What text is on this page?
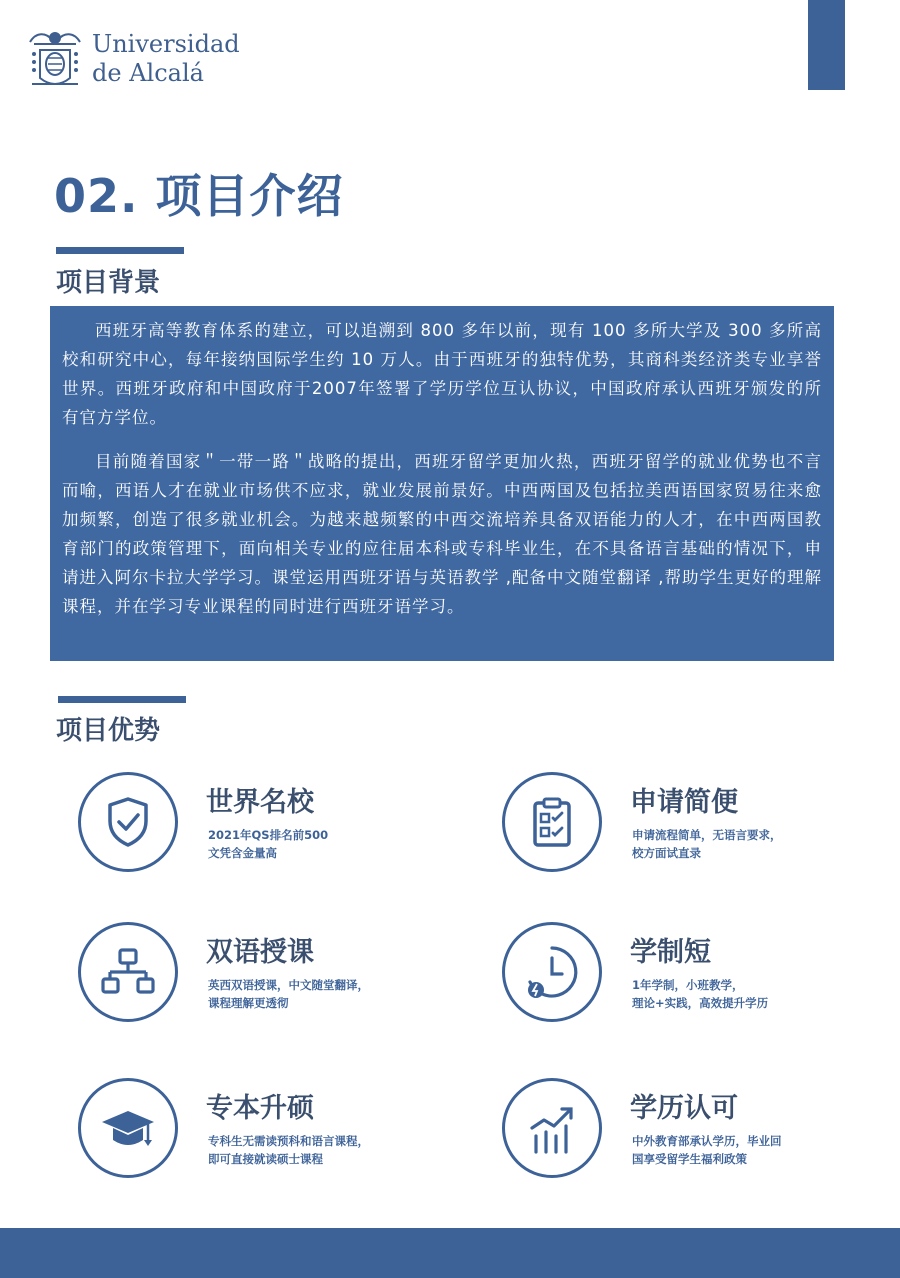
Universidad
de Alcalá
02. 项目介绍
项目背景

西班牙高等教育体系的建立，可以追溯到 800 多年以前，现有 100 多所大学及 300 多所高校和研究中心，每年接纳国际学生约 10 万人。由于西班牙的独特优势，其商科类经济类专业享誉世界。西班牙政府和中国政府于2007年签署了学历学位互认协议，中国政府承认西班牙颁发的所有官方学位。

目前随着国家＂一带一路＂战略的提出，西班牙留学更加火热，西班牙留学的就业优势也不言而喻，西语人才在就业市场供不应求，就业发展前景好。中西两国及包括拉美西语国家贸易往来愈加频繁，创造了很多就业机会。为越来越频繁的中西交流培养具备双语能力的人才，在中西两国教育部门的政策管理下，面向相关专业的应往届本科或专科毕业生，在不具备语言基础的情况下，申请进入阿尔卡拉大学学习。课堂运用西班牙语与英语教学 ,配备中文随堂翻译 ,帮助学生更好的理解课程，并在学习专业课程的同时进行西班牙语学习。

项目优势
世界名校
2021年QS排名前500
文凭含金量高
申请简便
申请流程简单，无语言要求，
校方面试直录
双语授课
英西双语授课，中文随堂翻译，
课程理解更透彻
学制短
1年学制，小班教学，
理论+实践，高效提升学历
专本升硕
专科生无需读预科和语言课程，
即可直接就读硕士课程
学历认可
中外教育部承认学历，毕业回
国享受留学生福利政策
